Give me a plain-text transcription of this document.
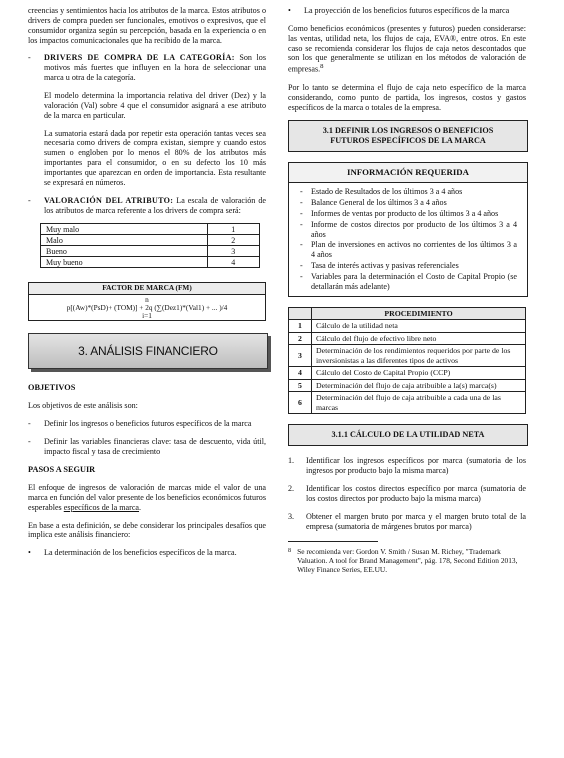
creencias y sentimientos hacia los atributos de la marca. Estos atributos o drivers de compra pueden ser funcionales, emotivos o expresivos, que el consumidor organiza según su percepción, basada en la experiencia o en los impactos comunicacionales que ha recibido de la marca.

-	DRIVERS DE COMPRA DE LA CATEGORÍA: Son los motivos más fuertes que influyen en la hora de seleccionar una marca u otra de la categoría.

El modelo determina la importancia relativa del driver (Dez) y la valoración (Val) sobre 4 que el consumidor asignará a ese atributo de la marca en particular.

La sumatoria estará dada por repetir esta operación tantas veces sea necesaria como drivers de compra existan, siempre y cuando estos sumen o engloben por lo menos el 80% de los atributos más importantes para el consumidor, o en su defecto los 10 más importantes que aparezcan en orden de importancia. Esta resultante se expresará en números.

-	VALORACIÓN DEL ATRIBUTO: La escala de valoración de los atributos de marca referente a los drivers de compra será:
Muy malo	1
Malo	2
Bueno	3
Muy bueno	4
FACTOR DE MARCA (FM)

n
p[(Aw)*(PsD)+ (TOM)] + 2q (∑(Dez1)*(Val1) + ... )/4
i=1
3. ANÁLISIS FINANCIERO
OBJETIVOS

Los objetivos de este análisis son:

-	Definir los ingresos o beneficios futuros específicos de la marca
-	Definir las variables financieras clave: tasa de descuento, vida útil, impacto fiscal y tasa de crecimiento
PASOS A SEGUIR

El enfoque de ingresos de valoración de marcas mide el valor de una marca en función del valor presente de los beneficios económicos futuros esperables específicos de la marca.

En base a esta definición, se debe considerar los principales desafíos que implica este análisis financiero:

•	La determinación de los beneficios específicos de la marca.
•	La proyección de los beneficios futuros específicos de la marca

Como beneficios económicos (presentes y futuros) pueden considerarse: las ventas, utilidad neta, los flujos de caja, EVA®, entre otros. En este caso se recomienda considerar los flujos de caja netos descontados que son los que generalmente se utilizan en los métodos de valoración de empresas.$^8$

Por lo tanto se determina el flujo de caja neto específico de la marca considerando, como punto de partida, los ingresos, costos y gastos específicos de la marca o totales de la empresa.

3.1 DEFINIR LOS INGRESOS O BENEFICIOS
FUTUROS ESPECÍFICOS DE LA MARCA
INFORMACIÓN REQUERIDA
- Estado de Resultados de los últimos 3 a 4 años
- Balance General de los últimos 3 a 4 años
- Informes de ventas por producto de los últimos 3 a 4 años
- Informe de costos directos por producto de los últimos 3 a 4 años
- Plan de inversiones en activos no corrientes de los últimos 3 a 4 años
- Tasa de interés activas y pasivas referenciales
- Variables para la determinación el Costo de Capital Propio (se detallarán más adelante)
	PROCEDIMIENTO
1	Cálculo de la utilidad neta
2	Cálculo del flujo de efectivo libre neto
3	Determinación de los rendimientos requeridos por parte de los inversionistas a las diferentes tipos de activos
4	Cálculo del Costo de Capital Propio (CCP)
5	Determinación del flujo de caja atribuible a la(s) marca(s)
6	Determinación del flujo de caja atribuible a cada una de las marcas
3.1.1 CÁLCULO DE LA UTILIDAD NETA
1.	Identificar los ingresos específicos por marca (sumatoria de los ingresos por producto bajo la misma marca)
2.	Identificar los costos directos específico por marca (sumatoria de los costos directos por producto bajo la misma marca)
3.	Obtener el margen bruto por marca y el margen bruto total de la empresa (sumatoria de márgenes brutos por marca)
8 Se recomienda ver: Gordon V. Smith / Susan M. Richey, "Trademark Valuation. A tool for Brand Management", pág. 178, Second Edition 2013, Wiley Finance Series, EE.UU.
